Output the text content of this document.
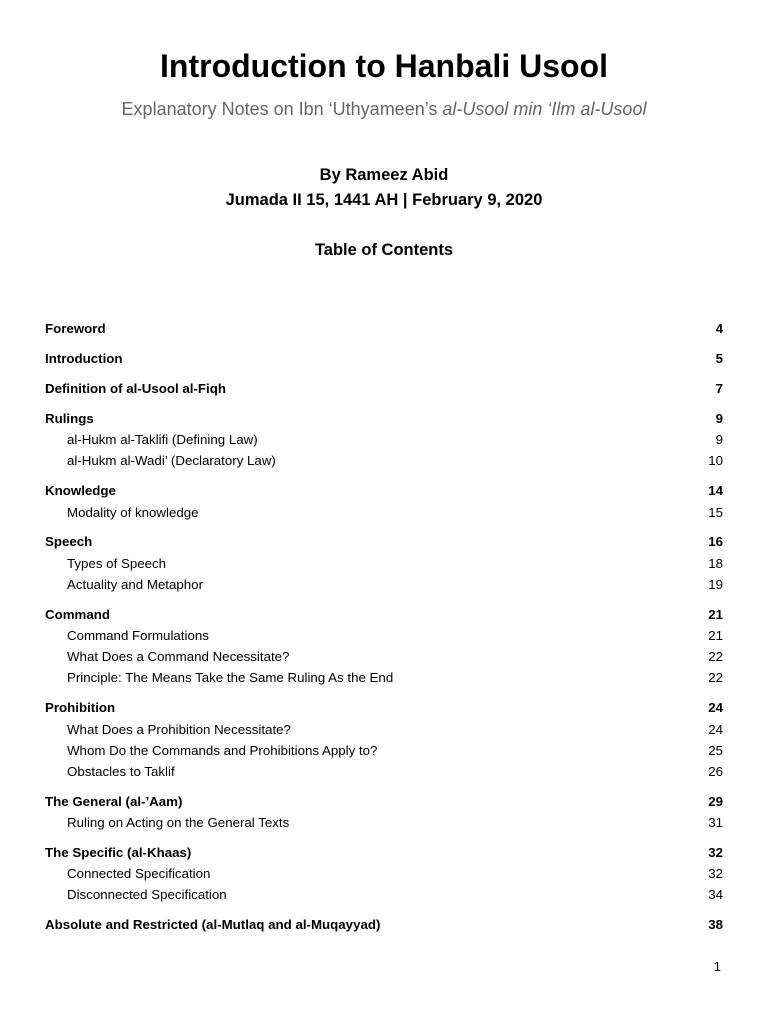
Introduction to Hanbali Usool
Explanatory Notes on Ibn ‘Uthyameen’s al-Usool min ‘Ilm al-Usool
By Rameez Abid
Jumada II 15, 1441 AH | February 9, 2020
Table of Contents
Foreword	4
Introduction	5
Definition of al-Usool al-Fiqh	7
Rulings	9
al-Hukm al-Taklifi (Defining Law)	9
al-Hukm al-Wadi’ (Declaratory Law)	10
Knowledge	14
Modality of knowledge	15
Speech	16
Types of Speech	18
Actuality and Metaphor	19
Command	21
Command Formulations	21
What Does a Command Necessitate?	22
Principle: The Means Take the Same Ruling As the End	22
Prohibition	24
What Does a Prohibition Necessitate?	24
Whom Do the Commands and Prohibitions Apply to?	25
Obstacles to Taklif	26
The General (al-’Aam)	29
Ruling on Acting on the General Texts	31
The Specific (al-Khaas)	32
Connected Specification	32
Disconnected Specification	34
Absolute and Restricted (al-Mutlaq and al-Muqayyad)	38
1
